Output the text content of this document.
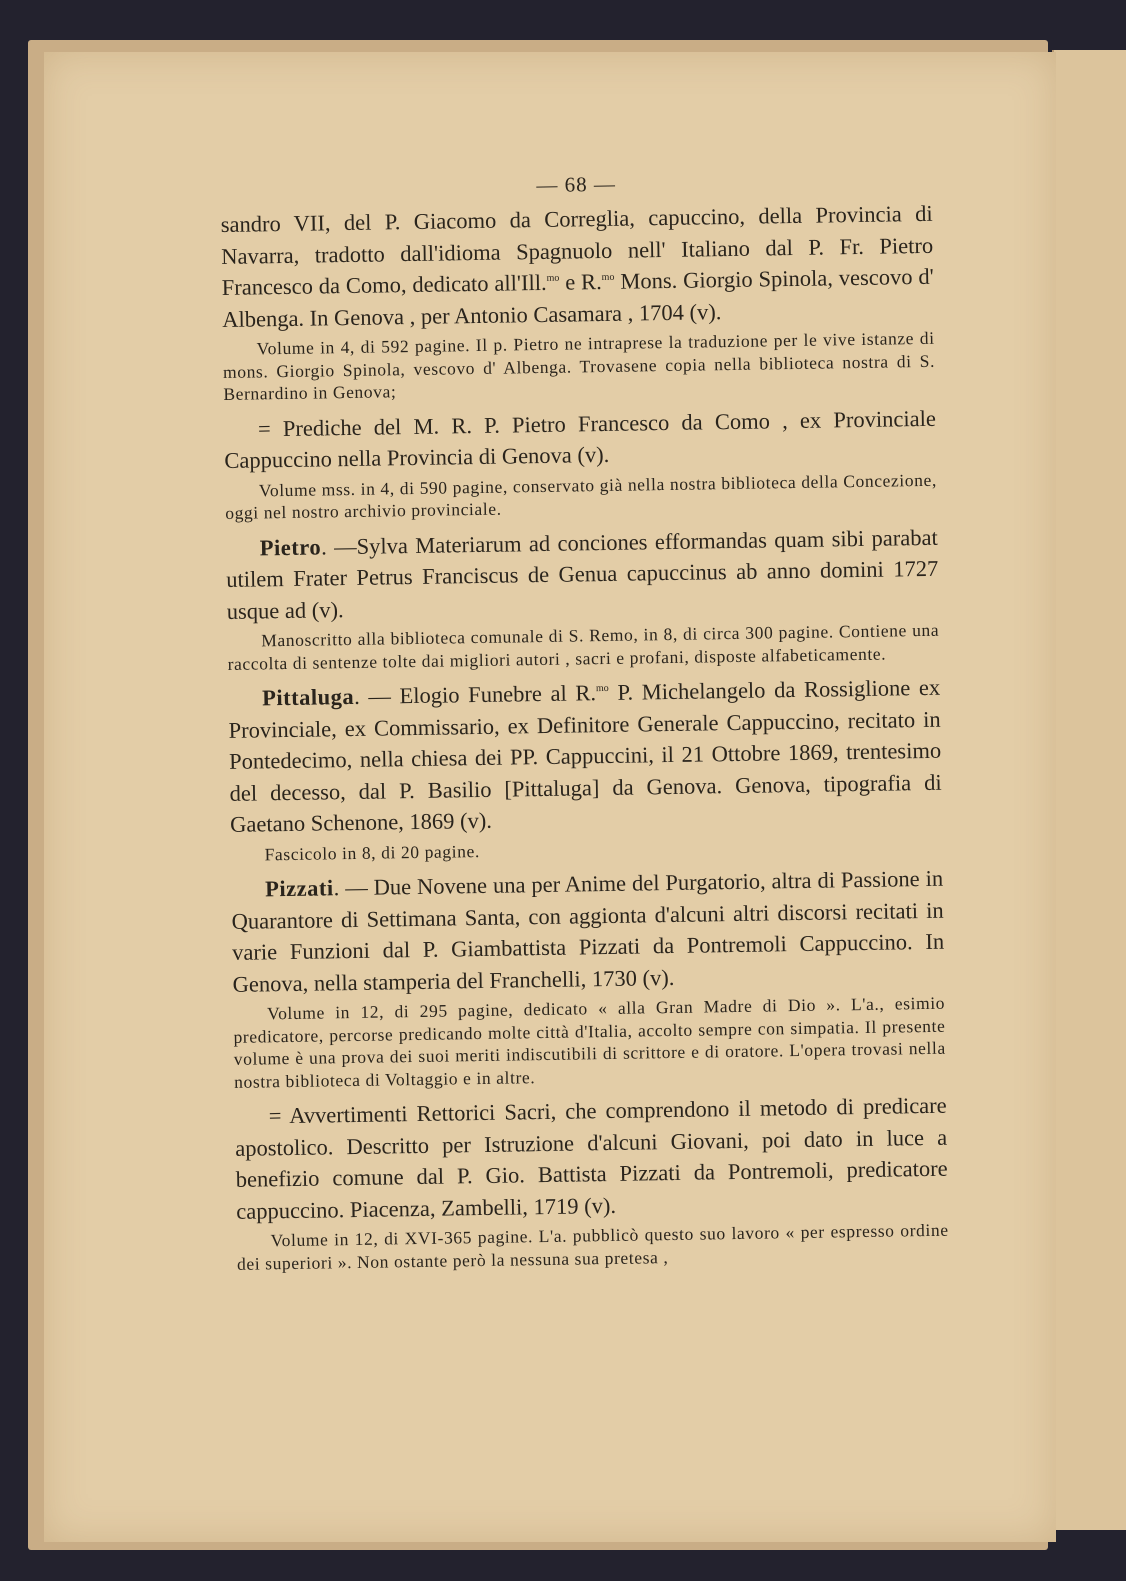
— 68 —

sandro VII, del P. Giacomo da Correglia, capuccino, della Provincia di Navarra, tradotto dall'idioma Spagnuolo nell' Italiano dal P. Fr. Pietro Francesco da Como, dedicato all'Ill.$^{mo}$ e R.$^{mo}$ Mons. Giorgio Spinola, vescovo d' Albenga. In Genova , per Antonio Casamara , 1704 (v).

Volume in 4, di 592 pagine. Il p. Pietro ne intraprese la traduzione per le vive istanze di mons. Giorgio Spinola, vescovo d' Albenga. Trovasene copia nella biblioteca nostra di S. Bernardino in Genova;

= Prediche del M. R. P. Pietro Francesco da Como , ex Provinciale Cappuccino nella Provincia di Genova (v).

Volume mss. in 4, di 590 pagine, conservato già nella nostra biblioteca della Concezione, oggi nel nostro archivio provinciale.

Pietro. —Sylva Materiarum ad conciones efformandas quam sibi parabat utilem Frater Petrus Franciscus de Genua capuccinus ab anno domini 1727 usque ad (v).

Manoscritto alla biblioteca comunale di S. Remo, in 8, di circa 300 pagine. Contiene una raccolta di sentenze tolte dai migliori autori , sacri e profani, disposte alfabeticamente.

Pittaluga. — Elogio Funebre al R.$^{mo}$ P. Michelangelo da Rossiglione ex Provinciale, ex Commissario, ex Definitore Generale Cappuccino, recitato in Pontedecimo, nella chiesa dei PP. Cappuccini, il 21 Ottobre 1869, trentesimo del decesso, dal P. Basilio [Pittaluga] da Genova. Genova, tipografia di Gaetano Schenone, 1869 (v).

Fascicolo in 8, di 20 pagine.

Pizzati. — Due Novene una per Anime del Purgatorio, altra di Passione in Quarantore di Settimana Santa, con aggionta d'alcuni altri discorsi recitati in varie Funzioni dal P. Giambattista Pizzati da Pontremoli Cappuccino. In Genova, nella stamperia del Franchelli, 1730 (v).

Volume in 12, di 295 pagine, dedicato « alla Gran Madre di Dio ». L'a., esimio predicatore, percorse predicando molte città d'Italia, accolto sempre con simpatia. Il presente volume è una prova dei suoi meriti indiscutibili di scrittore e di oratore. L'opera trovasi nella nostra biblioteca di Voltaggio e in altre.

= Avvertimenti Rettorici Sacri, che comprendono il metodo di predicare apostolico. Descritto per Istruzione d'alcuni Giovani, poi dato in luce a benefizio comune dal P. Gio. Battista Pizzati da Pontremoli, predicatore cappuccino. Piacenza, Zambelli, 1719 (v).

Volume in 12, di XVI-365 pagine. L'a. pubblicò questo suo lavoro « per espresso ordine dei superiori ». Non ostante però la nessuna sua pretesa ,
